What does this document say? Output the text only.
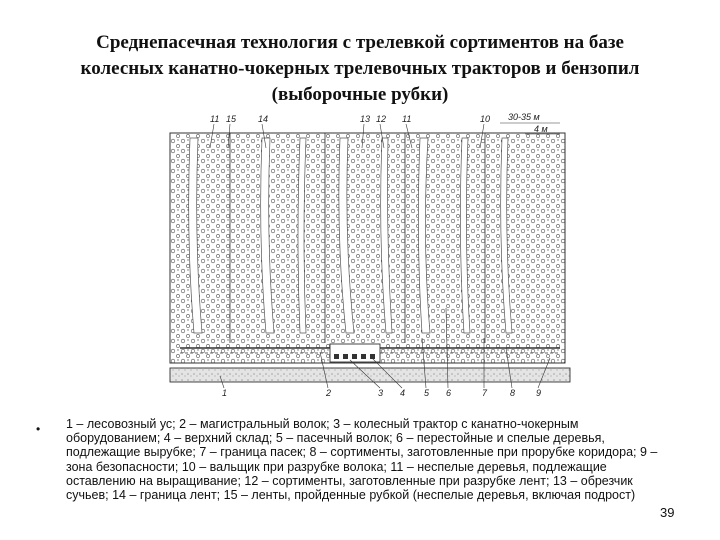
Среднепасечная технология с трелевкой сортиментов на базе
колесных канатно-чокерных трелевочных тракторов и бензопил
(выборочные рубки)
11 15 14	13 12 11	10 30-35 м
4 м
1	2	3 4 5 6	7	8 9
• 1 – лесовозный ус; 2 – магистральный волок; 3 – колесный трактор с канатно-чокерным оборудованием; 4 – верхний склад; 5 – пасечный волок; 6 – перестойные и спелые деревья, подлежащие вырубке; 7 – граница пасек; 8 – сортименты, заготовленные при прорубке коридора; 9 – зона безопасности; 10 – вальщик при разрубке волока; 11 – неспелые деревья, подлежащие оставлению на выращивание; 12 – сортименты, заготовленные при разрубке лент; 13 – обрезчик сучьев; 14 – граница лент; 15 – ленты, пройденные рубкой (неспелые деревья, включая подрост)

39
